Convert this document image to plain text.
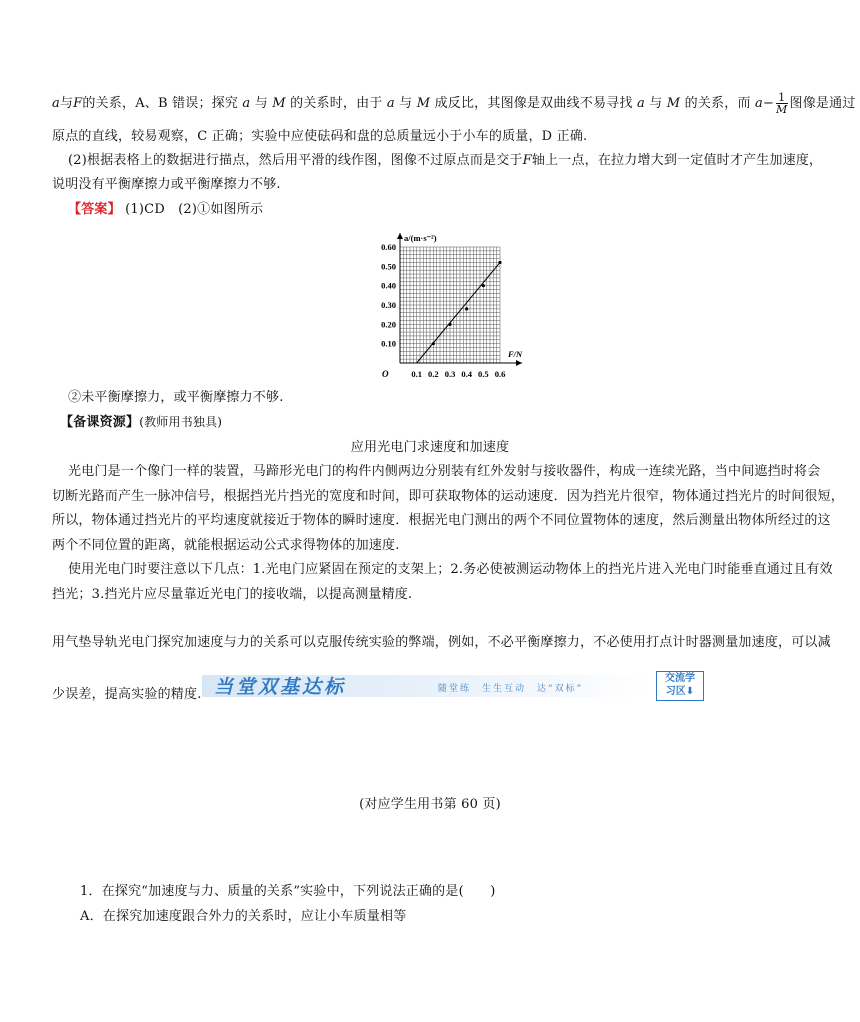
a与F的关系，A、B 错误；探究 a 与 M 的关系时，由于 a 与 M 成反比，其图像是双曲线不易寻找 a 与 M 的关系，而 $a- \frac{1}{M}$ 图像是通过
原点的直线，较易观察，C 正确；实验中应使砝码和盘的总质量远小于小车的质量，D 正确.
(2)根据表格上的数据进行描点，然后用平滑的线作图，图像不过原点而是交于F轴上一点，在拉力增大到一定值时才产生加速度，
说明没有平衡摩擦力或平衡摩擦力不够.
【答案】 (1)CD　(2)①如图所示
0.1 0.2 0.3 0.4 0.5 0.6
0.10
0.20
0.30
0.40
0.50
0.60
O
F/N
a/(m·s⁻²)
②未平衡摩擦力，或平衡摩擦力不够.
【备课资源】(教师用书独具)
应用光电门求速度和加速度
光电门是一个像门一样的装置，马蹄形光电门的构件内侧两边分别装有红外发射与接收器件，构成一连续光路，当中间遮挡时将会
切断光路而产生一脉冲信号，根据挡光片挡光的宽度和时间，即可获取物体的运动速度．因为挡光片很窄，物体通过挡光片的时间很短，
所以，物体通过挡光片的平均速度就接近于物体的瞬时速度．根据光电门测出的两个不同位置物体的速度，然后测量出物体所经过的这
两个不同位置的距离，就能根据运动公式求得物体的加速度.
使用光电门时要注意以下几点：1.光电门应紧固在预定的支架上；2.务必使被测运动物体上的挡光片进入光电门时能垂直通过且有效
挡光；3.挡光片应尽量靠近光电门的接收端，以提高测量精度.
用气垫导轨光电门探究加速度与力的关系可以克服传统实验的弊端，例如，不必平衡摩擦力，不必使用打点计时器测量加速度，可以减
少误差，提高实验的精度. 当堂双基达标	随堂练　生生互动　达“双标”
交流学
习区⬇
(对应学生用书第 60 页)
1．在探究“加速度与力、质量的关系”实验中，下列说法正确的是(　　)
A．在探究加速度跟合外力的关系时，应让小车质量相等
